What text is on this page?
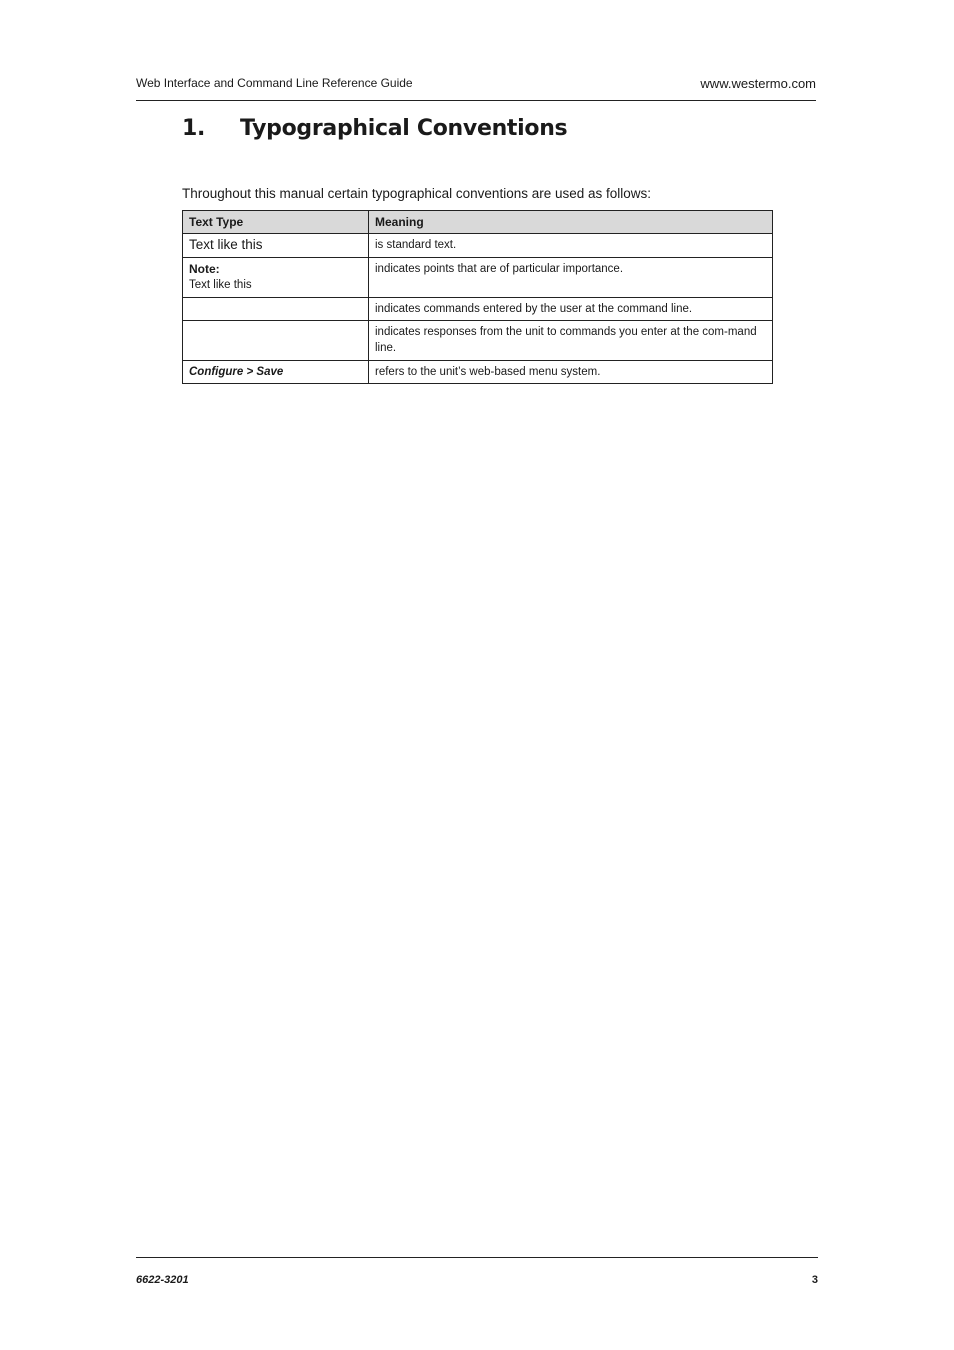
Web Interface and Command Line Reference Guide	www.westermo.com
1. Typographical Conventions
Throughout this manual certain typographical conventions are used as follows:
Text Type	Meaning
Text like this	is standard text.

Note:
Text like this	indicates points that are of particular importance.
	indicates commands entered by the user at the command line.
	indicates responses from the unit to commands you enter at the com-mand line.
Configure > Save	refers to the unit’s web-based menu system.
6622-3201	3
